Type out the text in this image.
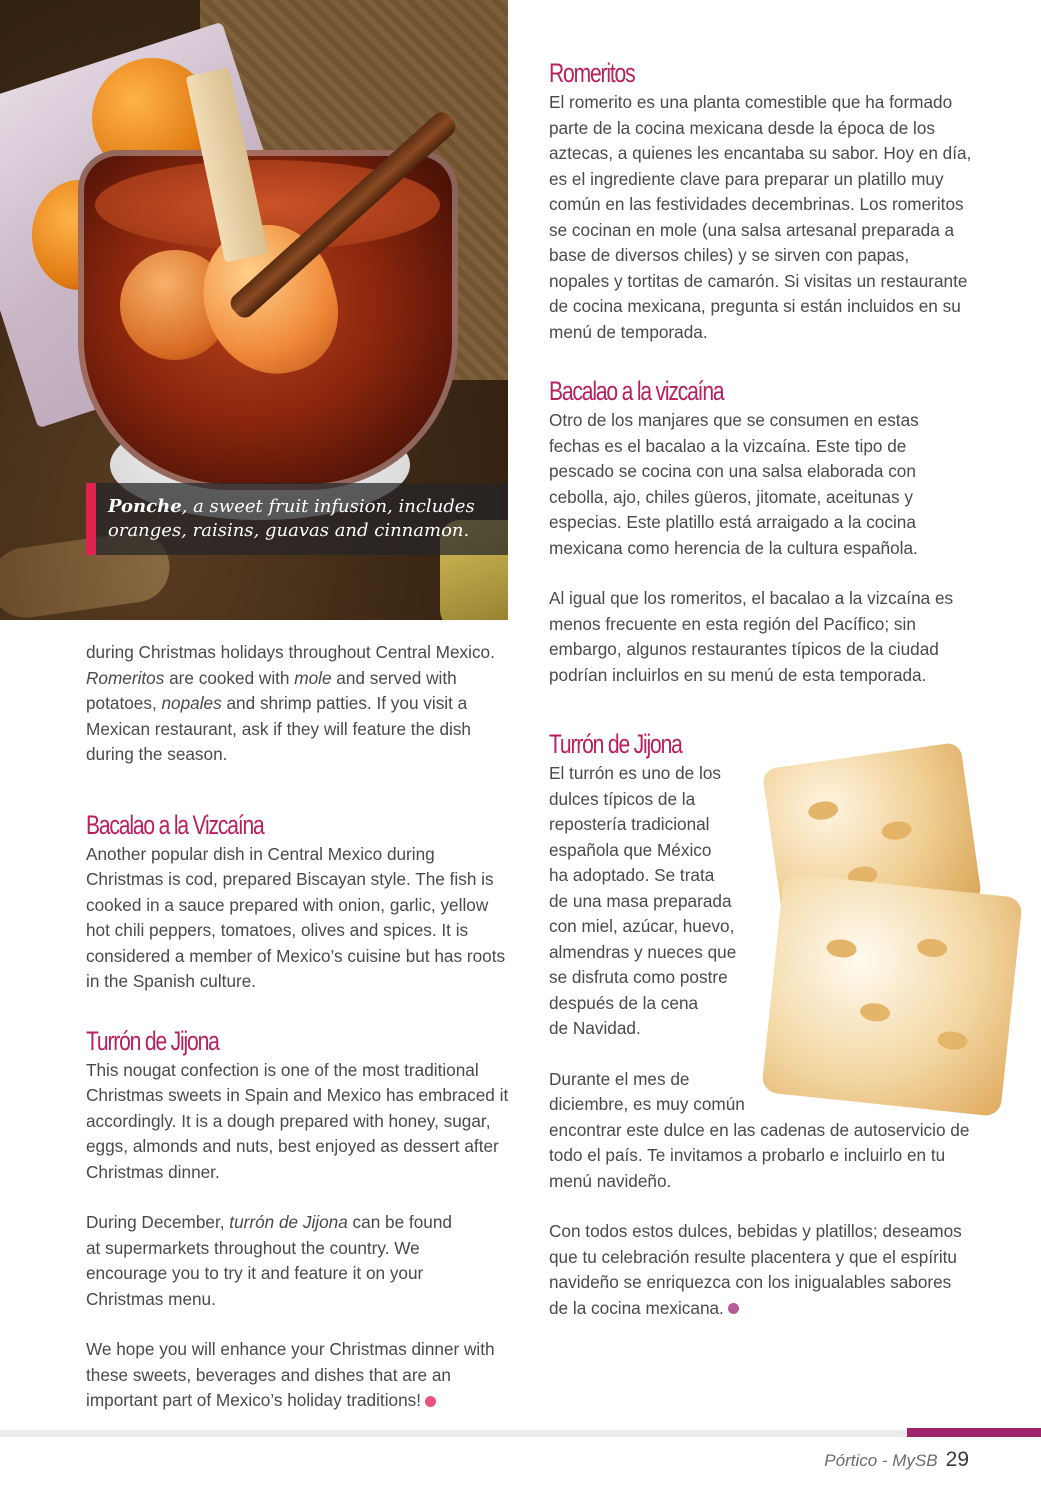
Ponche, a sweet fruit infusion, includes oranges, raisins, guavas and cinnamon.

during Christmas holidays throughout Central Mexico. Romeritos are cooked with mole and served with potatoes, nopales and shrimp patties. If you visit a Mexican restaurant, ask if they will feature the dish during the season.

Bacalao a la Vizcaína

Another popular dish in Central Mexico during Christmas is cod, prepared Biscayan style. The fish is cooked in a sauce prepared with onion, garlic, yellow hot chili peppers, tomatoes, olives and spices. It is considered a member of Mexico’s cuisine but has roots in the Spanish culture.

Turrón de Jijona

This nougat confection is one of the most traditional Christmas sweets in Spain and Mexico has embraced it accordingly. It is a dough prepared with honey, sugar, eggs, almonds and nuts, best enjoyed as dessert after Christmas dinner.

During December, turrón de Jijona can be found at supermarkets throughout the country. We encourage you to try it and feature it on your Christmas menu.

We hope you will enhance your Christmas dinner with these sweets, beverages and dishes that are an important part of Mexico’s holiday traditions!

Romeritos

El romerito es una planta comestible que ha formado parte de la cocina mexicana desde la época de los aztecas, a quienes les encantaba su sabor. Hoy en día, es el ingrediente clave para preparar un platillo muy común en las festividades decembrinas. Los romeritos se cocinan en mole (una salsa artesanal preparada a base de diversos chiles) y se sirven con papas, nopales y tortitas de camarón. Si visitas un restaurante de cocina mexicana, pregunta si están incluidos en su menú de temporada.

Bacalao a la vizcaína

Otro de los manjares que se consumen en estas fechas es el bacalao a la vizcaína. Este tipo de pescado se cocina con una salsa elaborada con cebolla, ajo, chiles güeros, jitomate, aceitunas y especias. Este platillo está arraigado a la cocina mexicana como herencia de la cultura española.

Al igual que los romeritos, el bacalao a la vizcaína es menos frecuente en esta región del Pacífico; sin embargo, algunos restaurantes típicos de la ciudad podrían incluirlos en su menú de esta temporada.

Turrón de Jijona

El turrón es uno de los
dulces típicos de la
repostería tradicional
española que México
ha adoptado. Se trata
de una masa preparada
con miel, azúcar, huevo,
almendras y nueces que
se disfruta como postre
después de la cena
de Navidad.

Durante el mes de
diciembre, es muy común
encontrar este dulce en las cadenas de autoservicio de todo el país. Te invitamos a probarlo e incluirlo en tu menú navideño.

Con todos estos dulces, bebidas y platillos; deseamos que tu celebración resulte placentera y que el espíritu navideño se enriquezca con los inigualables sabores de la cocina mexicana.

Pórtico - MySB 29
